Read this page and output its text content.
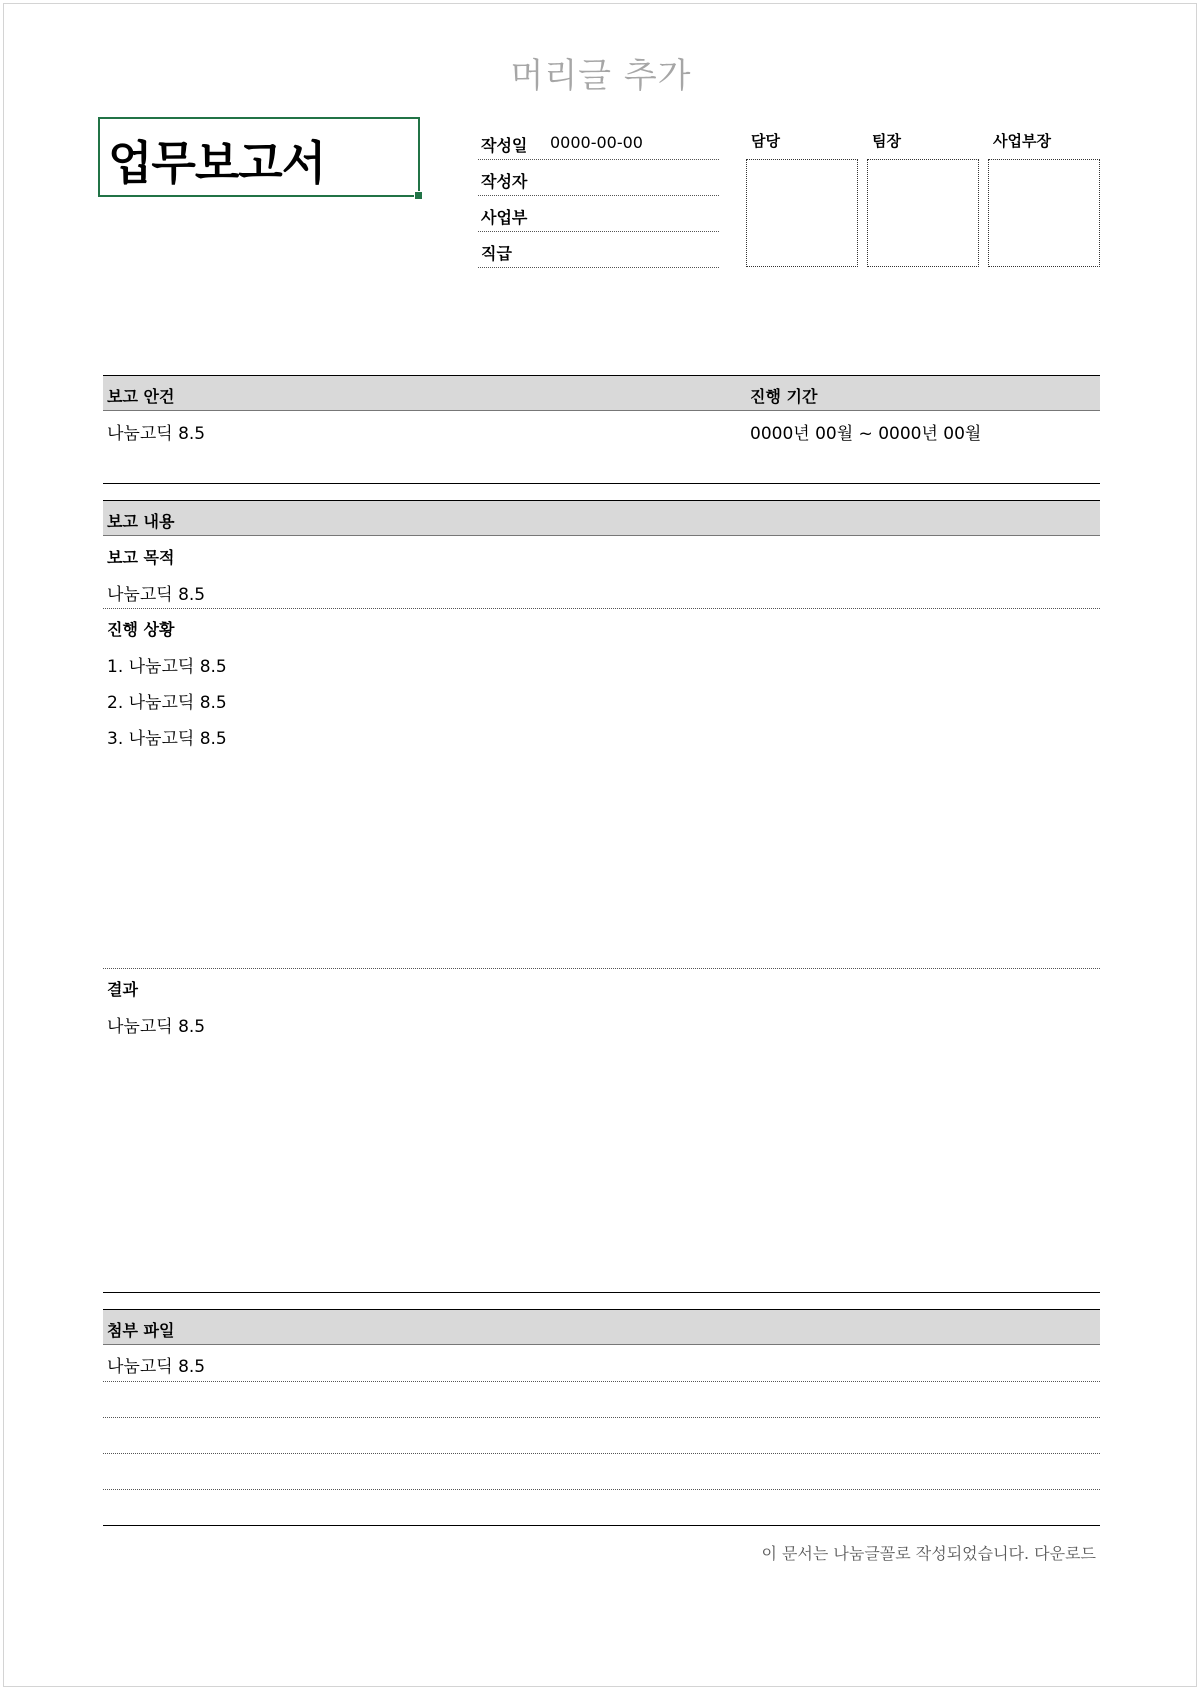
머리글 추가
업무보고서	작성일 0000-00-00
작성자
사업부
직급
담당	팀장	사업부장
보고 안건	진행 기간
나눔고딕 8.5	0000년 00월 ~ 0000년 00월
보고 내용
보고 목적
나눔고딕 8.5
진행 상황
1. 나눔고딕 8.5
2. 나눔고딕 8.5
3. 나눔고딕 8.5
결과
나눔고딕 8.5
첨부 파일
나눔고딕 8.5
이 문서는 나눔글꼴로 작성되었습니다. 다운로드
